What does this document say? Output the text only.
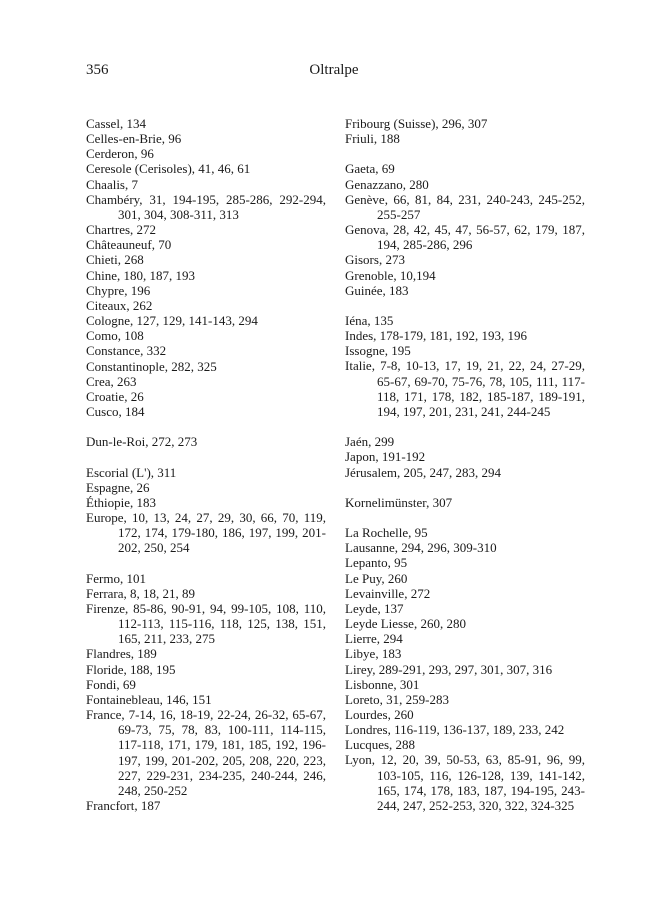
356	Oltralpe
Cassel, 134
Celles-en-Brie, 96
Cerderon, 96
Ceresole (Cerisoles), 41, 46, 61
Chaalis, 7
Chambéry, 31, 194-195, 285-286, 292-294, 301, 304, 308-311, 313
Chartres, 272
Châteauneuf, 70
Chieti, 268
Chine, 180, 187, 193
Chypre, 196
Citeaux, 262
Cologne, 127, 129, 141-143, 294
Como, 108
Constance, 332
Constantinople, 282, 325
Crea, 263
Croatie, 26
Cusco, 184
Dun-le-Roi, 272, 273
Escorial (L'), 311
Espagne, 26
Éthiopie, 183
Europe, 10, 13, 24, 27, 29, 30, 66, 70, 119, 172, 174, 179-180, 186, 197, 199, 201-202, 250, 254
Fermo, 101
Ferrara, 8, 18, 21, 89
Firenze, 85-86, 90-91, 94, 99-105, 108, 110, 112-113, 115-116, 118, 125, 138, 151, 165, 211, 233, 275
Flandres, 189
Floride, 188, 195
Fondi, 69
Fontainebleau, 146, 151
France, 7-14, 16, 18-19, 22-24, 26-32, 65-67, 69-73, 75, 78, 83, 100-111, 114-115, 117-118, 171, 179, 181, 185, 192, 196-197, 199, 201-202, 205, 208, 220, 223, 227, 229-231, 234-235, 240-244, 246, 248, 250-252
Francfort, 187
Fribourg (Suisse), 296, 307
Friuli, 188
Gaeta, 69
Genazzano, 280
Genève, 66, 81, 84, 231, 240-243, 245-252, 255-257
Genova, 28, 42, 45, 47, 56-57, 62, 179, 187, 194, 285-286, 296
Gisors, 273
Grenoble, 10,194
Guinée, 183
Iéna, 135
Indes, 178-179, 181, 192, 193, 196
Issogne, 195
Italie, 7-8, 10-13, 17, 19, 21, 22, 24, 27-29, 65-67, 69-70, 75-76, 78, 105, 111, 117-118, 171, 178, 182, 185-187, 189-191, 194, 197, 201, 231, 241, 244-245
Jaén, 299
Japon, 191-192
Jérusalem, 205, 247, 283, 294
Kornelimünster, 307
La Rochelle, 95
Lausanne, 294, 296, 309-310
Lepanto, 95
Le Puy, 260
Levainville, 272
Leyde, 137
Leyde Liesse, 260, 280
Lierre, 294
Libye, 183
Lirey, 289-291, 293, 297, 301, 307, 316
Lisbonne, 301
Loreto, 31, 259-283
Lourdes, 260
Londres, 116-119, 136-137, 189, 233, 242
Lucques, 288
Lyon, 12, 20, 39, 50-53, 63, 85-91, 96, 99, 103-105, 116, 126-128, 139, 141-142, 165, 174, 178, 183, 187, 194-195, 243-244, 247, 252-253, 320, 322, 324-325
